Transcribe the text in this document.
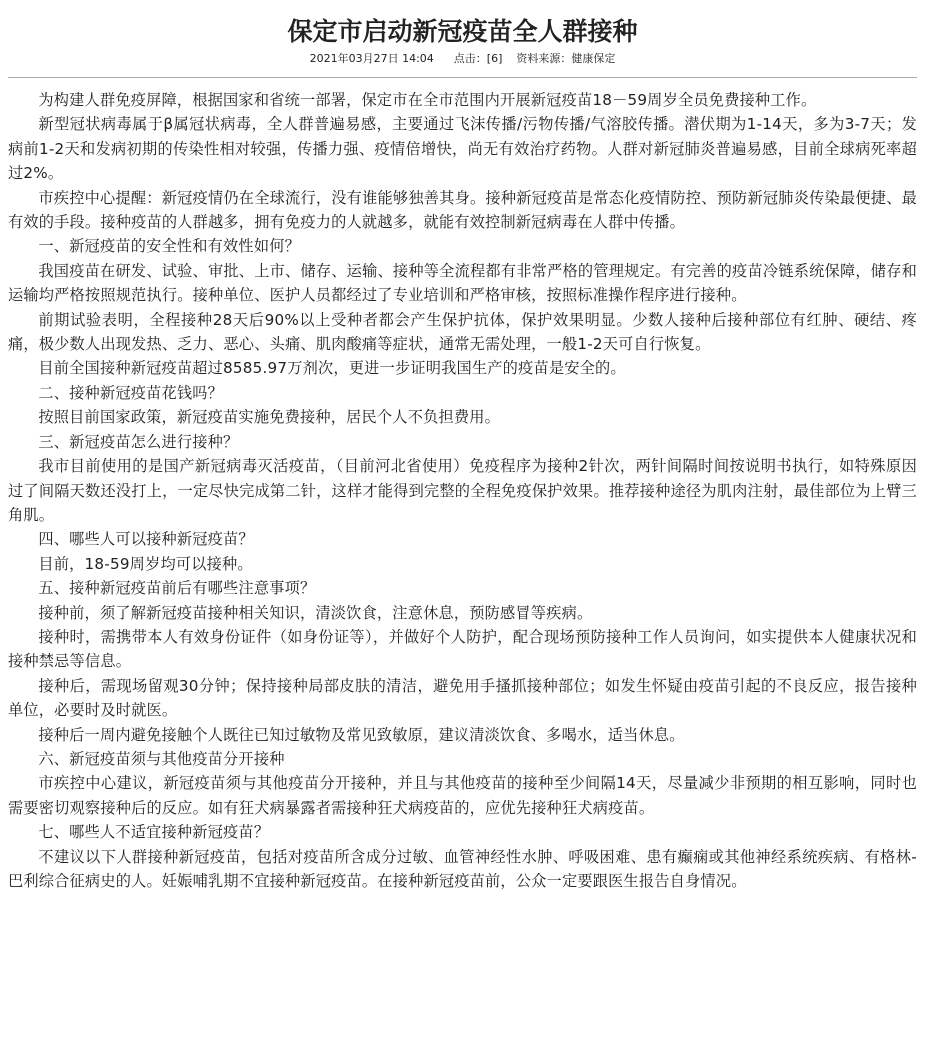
保定市启动新冠疫苗全人群接种
2021年03月27日 14:04 点击：[6] 资料来源：健康保定

为构建人群免疫屏障，根据国家和省统一部署，保定市在全市范围内开展新冠疫苗18－59周岁全员免费接种工作。

新型冠状病毒属于β属冠状病毒，全人群普遍易感，主要通过飞沫传播/污物传播/气溶胶传播。潜伏期为1-14天，多为3-7天；发病前1-2天和发病初期的传染性相对较强，传播力强、疫情倍增快，尚无有效治疗药物。人群对新冠肺炎普遍易感，目前全球病死率超过2%。

市疾控中心提醒：新冠疫情仍在全球流行，没有谁能够独善其身。接种新冠疫苗是常态化疫情防控、预防新冠肺炎传染最便捷、最有效的手段。接种疫苗的人群越多，拥有免疫力的人就越多，就能有效控制新冠病毒在人群中传播。

一、新冠疫苗的安全性和有效性如何？

我国疫苗在研发、试验、审批、上市、储存、运输、接种等全流程都有非常严格的管理规定。有完善的疫苗冷链系统保障，储存和运输均严格按照规范执行。接种单位、医护人员都经过了专业培训和严格审核，按照标准操作程序进行接种。

前期试验表明，全程接种28天后90%以上受种者都会产生保护抗体，保护效果明显。少数人接种后接种部位有红肿、硬结、疼痛，极少数人出现发热、乏力、恶心、头痛、肌肉酸痛等症状，通常无需处理，一般1-2天可自行恢复。

目前全国接种新冠疫苗超过8585.97万剂次，更进一步证明我国生产的疫苗是安全的。

二、接种新冠疫苗花钱吗？

按照目前国家政策，新冠疫苗实施免费接种，居民个人不负担费用。

三、新冠疫苗怎么进行接种？

我市目前使用的是国产新冠病毒灭活疫苗，（目前河北省使用）免疫程序为接种2针次，两针间隔时间按说明书执行，如特殊原因过了间隔天数还没打上，一定尽快完成第二针，这样才能得到完整的全程免疫保护效果。推荐接种途径为肌肉注射，最佳部位为上臂三角肌。

四、哪些人可以接种新冠疫苗？

目前，18-59周岁均可以接种。

五、接种新冠疫苗前后有哪些注意事项？

接种前，须了解新冠疫苗接种相关知识，清淡饮食，注意休息，预防感冒等疾病。

接种时，需携带本人有效身份证件（如身份证等），并做好个人防护，配合现场预防接种工作人员询问，如实提供本人健康状况和接种禁忌等信息。

接种后，需现场留观30分钟；保持接种局部皮肤的清洁，避免用手搔抓接种部位；如发生怀疑由疫苗引起的不良反应，报告接种单位，必要时及时就医。

接种后一周内避免接触个人既往已知过敏物及常见致敏原，建议清淡饮食、多喝水，适当休息。

六、新冠疫苗须与其他疫苗分开接种

市疾控中心建议，新冠疫苗须与其他疫苗分开接种，并且与其他疫苗的接种至少间隔14天，尽量减少非预期的相互影响，同时也需要密切观察接种后的反应。如有狂犬病暴露者需接种狂犬病疫苗的，应优先接种狂犬病疫苗。

七、哪些人不适宜接种新冠疫苗？

不建议以下人群接种新冠疫苗，包括对疫苗所含成分过敏、血管神经性水肿、呼吸困难、患有癫痫或其他神经系统疾病、有格林-巴利综合征病史的人。妊娠哺乳期不宜接种新冠疫苗。在接种新冠疫苗前，公众一定要跟医生报告自身情况。
